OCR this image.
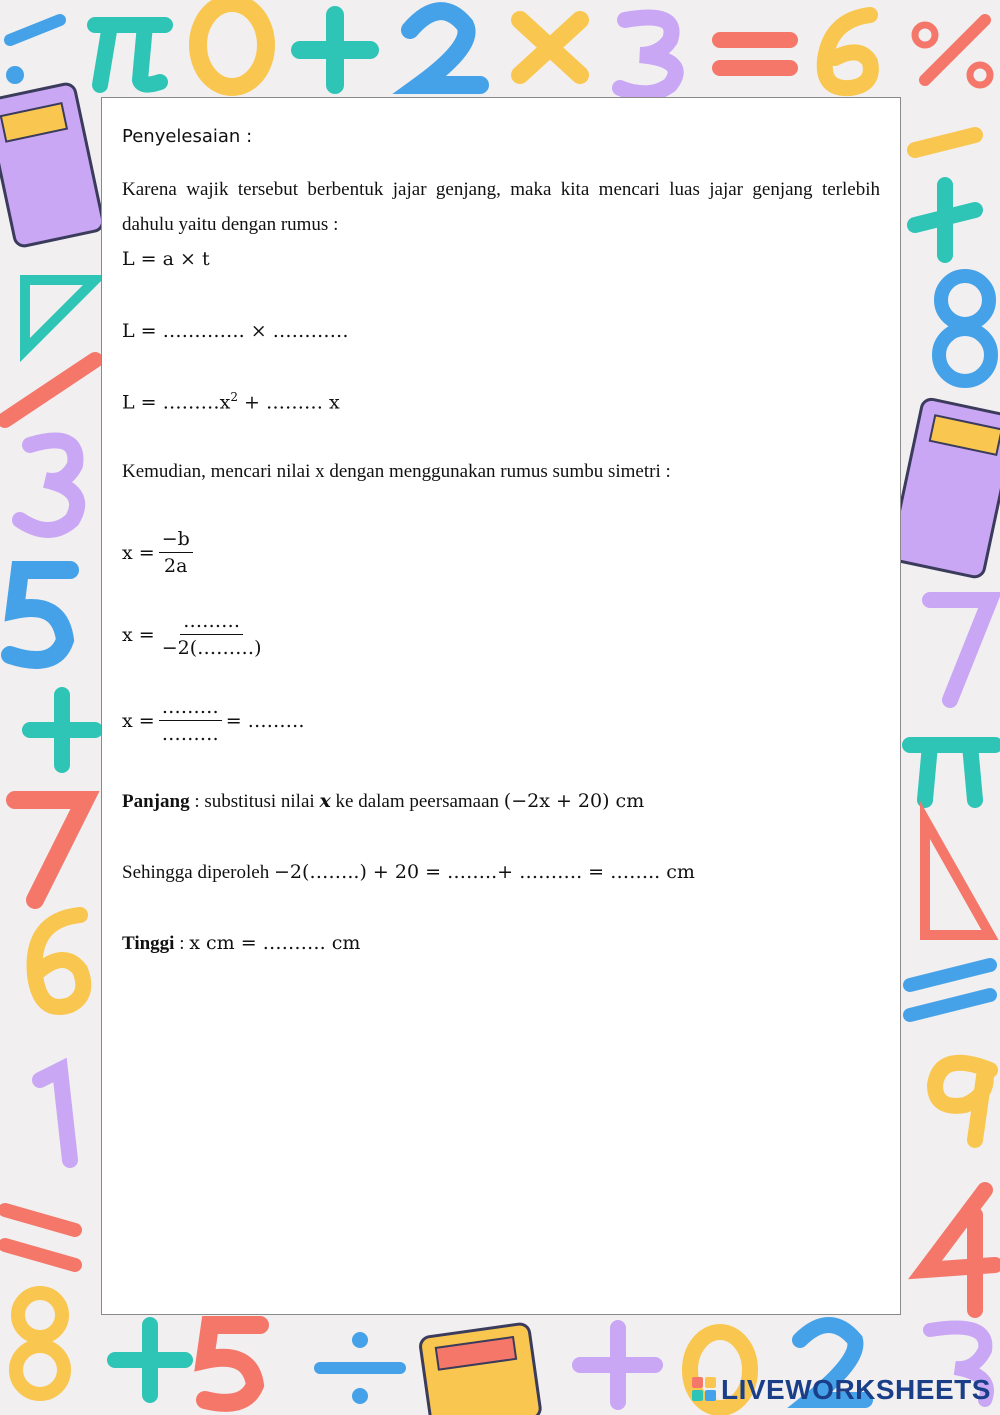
Penyelesaian :
Karena wajik tersebut berbentuk jajar genjang, maka kita mencari luas jajar genjang terlebih dahulu yaitu dengan rumus :
L = a × t
L = …………. × …………
$L = \dots\dots\dots x^2$ + ……… x
Kemudian, mencari nilai x dengan menggunakan rumus sumbu simetri :
$x = \frac{-b}{2a}$
$x = \frac{\dots\dots\dots}{-2(\dots\dots\dots)}$
$x = \frac{\dots\dots\dots}{\dots\dots\dots}$ = ………
Panjang : substitusi nilai x ke dalam peersamaan (−2x + 20) cm
Sehingga diperoleh −2(……..) + 20 = ……..+ ………. = …….. cm
Tinggi : x cm = ………. cm
LIVEWORKSHEETS
